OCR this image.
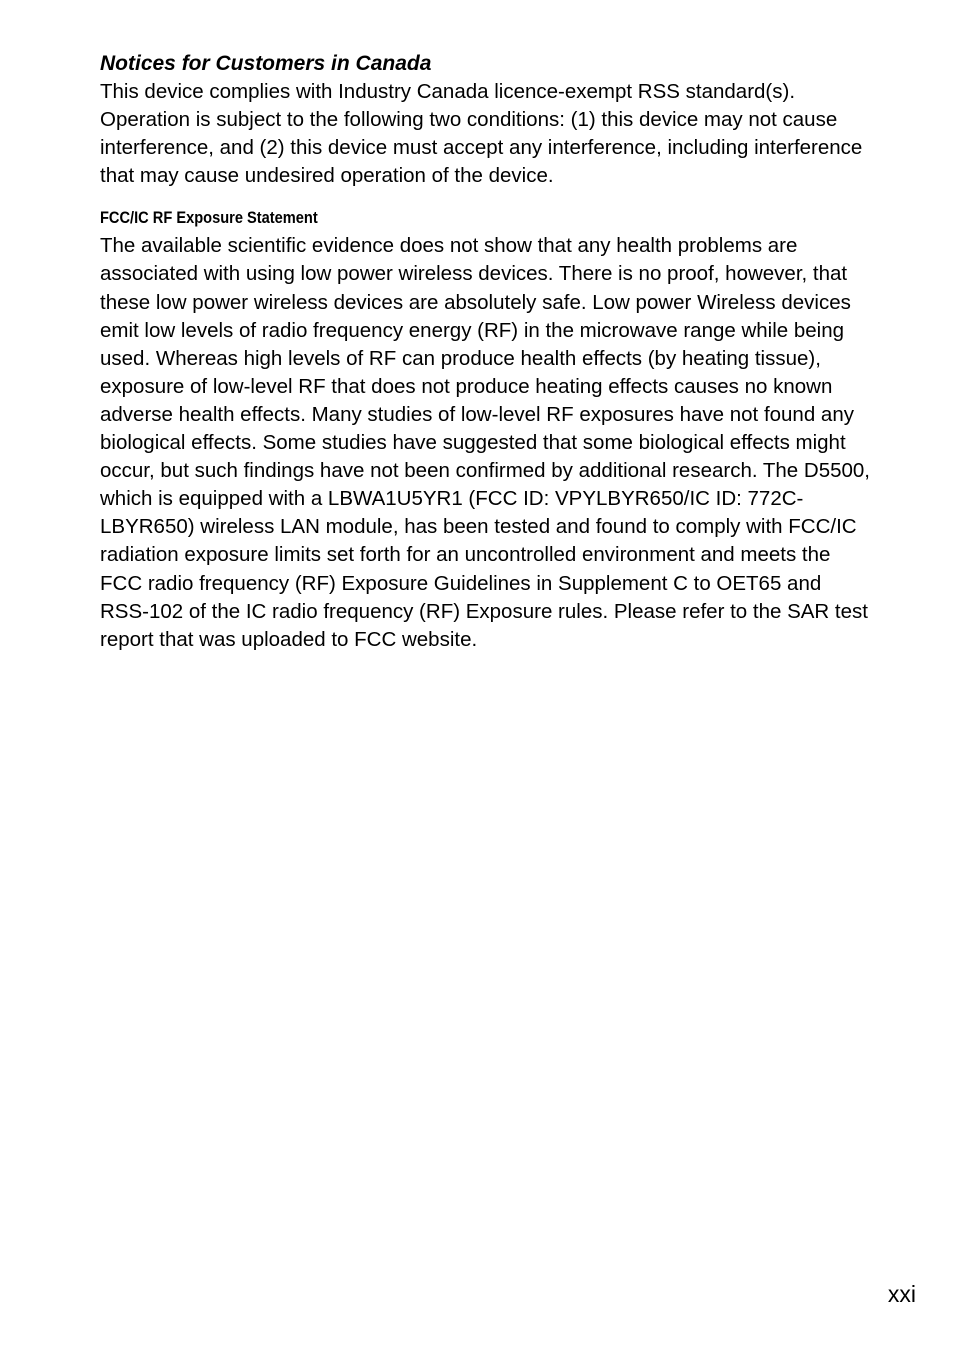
Notices for Customers in Canada

This device complies with Industry Canada licence-exempt RSS standard(s). Operation is subject to the following two conditions: (1) this device may not cause interference, and (2) this device must accept any interference, including interference that may cause undesired operation of the device.

FCC/IC RF Exposure Statement

The available scientific evidence does not show that any health problems are associated with using low power wireless devices. There is no proof, however, that these low power wireless devices are absolutely safe. Low power Wireless devices emit low levels of radio frequency energy (RF) in the microwave range while being used. Whereas high levels of RF can produce health effects (by heating tissue), exposure of low-level RF that does not produce heating effects causes no known adverse health effects. Many studies of low-level RF exposures have not found any biological effects. Some studies have suggested that some biological effects might occur, but such findings have not been confirmed by additional research. The D5500, which is equipped with a LBWA1U5YR1 (FCC ID: VPYLBYR650/IC ID: 772C-LBYR650) wireless LAN module, has been tested and found to comply with FCC/IC radiation exposure limits set forth for an uncontrolled environment and meets the FCC radio frequency (RF) Exposure Guidelines in Supplement C to OET65 and RSS-102 of the IC radio frequency (RF) Exposure rules. Please refer to the SAR test report that was uploaded to FCC website.

xxi
